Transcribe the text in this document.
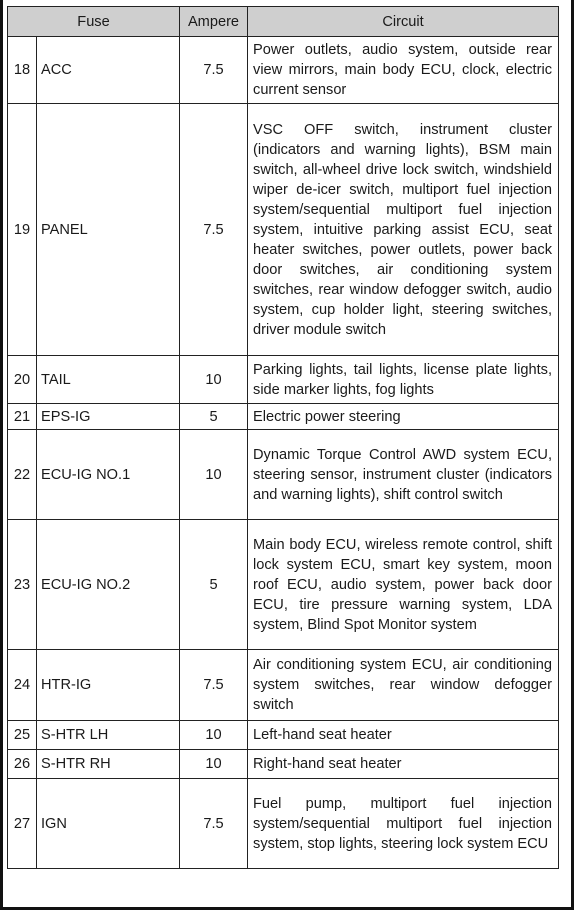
Fuse		Ampere	Circuit
18	ACC	7.5	Power outlets, audio system, outside rear view mirrors, main body ECU, clock, electric current sensor
19	PANEL	7.5	VSC OFF switch, instrument cluster (indicators and warning lights), BSM main switch, all-wheel drive lock switch, windshield wiper de-icer switch, multiport fuel injection system/sequential multiport fuel injection system, intuitive parking assist ECU, seat heater switches, power outlets, power back door switches, air conditioning system switches, rear window defogger switch, audio system, cup holder light, steering switches, driver module switch
20	TAIL	10	Parking lights, tail lights, license plate lights, side marker lights, fog lights
21	EPS-IG	5	Electric power steering
22	ECU-IG NO.1	10	Dynamic Torque Control AWD system ECU, steering sensor, instrument cluster (indicators and warning lights), shift control switch
23	ECU-IG NO.2	5	Main body ECU, wireless remote control, shift lock system ECU, smart key system, moon roof ECU, audio system, power back door ECU, tire pressure warning system, LDA system, Blind Spot Monitor system
24	HTR-IG	7.5	Air conditioning system ECU, air conditioning system switches, rear window defogger switch
25	S-HTR LH	10	Left-hand seat heater
26	S-HTR RH	10	Right-hand seat heater
27	IGN	7.5	Fuel pump, multiport fuel injection system/sequential multiport fuel injection system, stop lights, steering lock system ECU
